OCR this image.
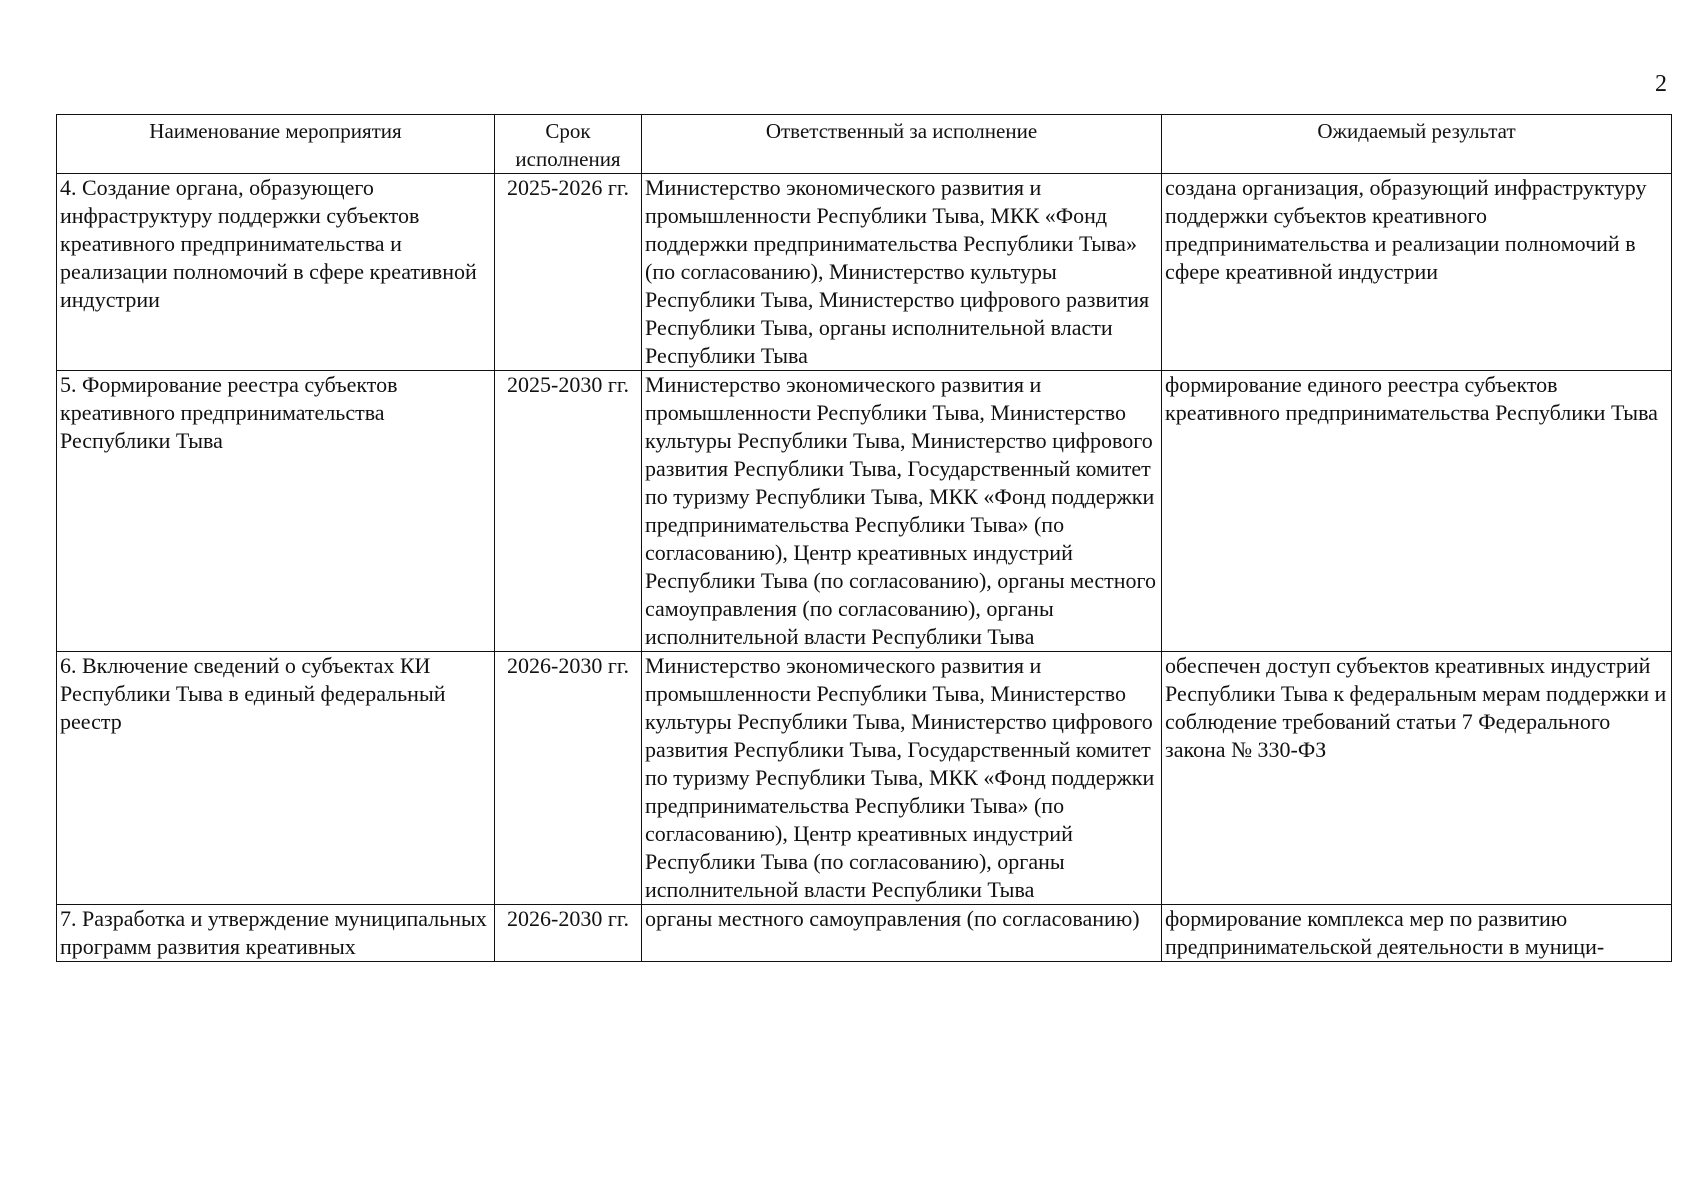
2
Наименование мероприятия	Срок исполнения	Ответственный за исполнение	Ожидаемый результат
4. Создание органа, образующего инфраструктуру поддержки субъектов креативного предпринимательства и реализации полномочий в сфере креативной индустрии	2025-2026 гг.	Министерство экономического развития и промышленности Республики Тыва, МКК «Фонд поддержки предпринимательства Республики Тыва» (по согласованию), Министерство культуры Республики Тыва, Министерство цифрового развития Республики Тыва, органы исполнительной власти Республики Тыва	создана организация, образующий инфраструктуру поддержки субъектов креативного предпринимательства и реализации полномочий в сфере креативной индустрии
5. Формирование реестра субъектов креативного предпринимательства Республики Тыва	2025-2030 гг.	Министерство экономического развития и промышленности Республики Тыва, Министерство культуры Республики Тыва, Министерство цифрового развития Республики Тыва, Государственный комитет по туризму Республики Тыва, МКК «Фонд поддержки предпринимательства Республики Тыва» (по согласованию), Центр креативных индустрий Республики Тыва (по согласованию), органы местного самоуправления (по согласованию), органы исполнительной власти Республики Тыва	формирование единого реестра субъектов креативного предпринимательства Республики Тыва
6. Включение сведений о субъектах КИ Республики Тыва в единый федеральный реестр	2026-2030 гг.	Министерство экономического развития и промышленности Республики Тыва, Министерство культуры Республики Тыва, Министерство цифрового развития Республики Тыва, Государственный комитет по туризму Республики Тыва, МКК «Фонд поддержки предпринимательства Республики Тыва» (по согласованию), Центр креативных индустрий Республики Тыва (по согласованию), органы исполнительной власти Республики Тыва	обеспечен доступ субъектов креативных индустрий Республики Тыва к федеральным мерам поддержки и соблюдение требований статьи 7 Федерального закона № 330-ФЗ

7. Разработка и утверждение муниципальных программ развития креативных	2026-2030 гг.	органы местного самоуправления (по согласованию)	формирование комплекса мер по развитию предпринимательской деятельности в муници-
